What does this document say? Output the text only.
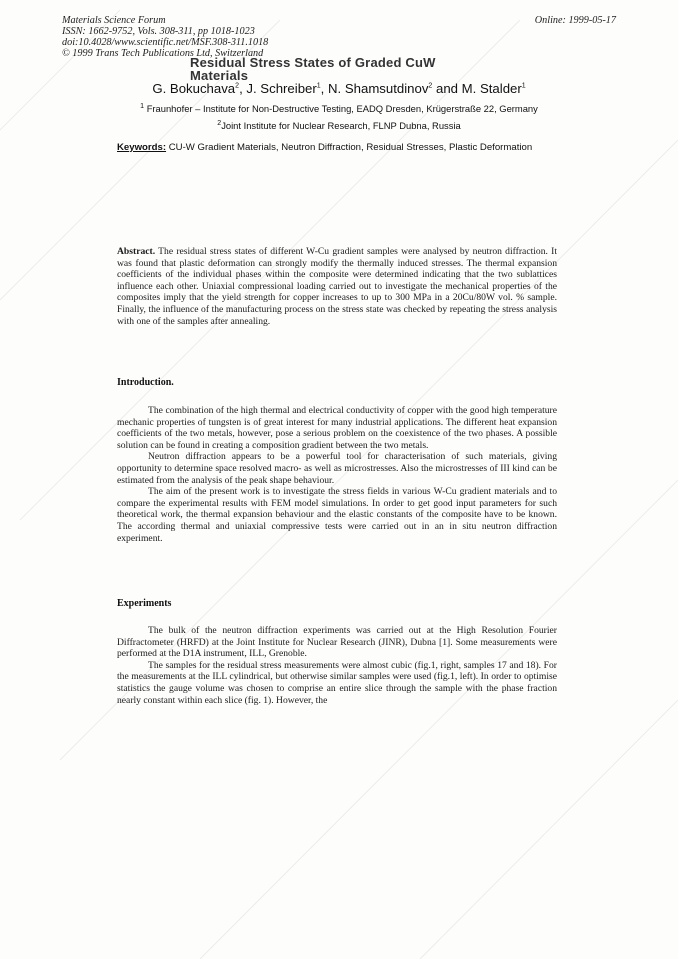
Materials Science Forum
ISSN: 1662-9752, Vols. 308-311, pp 1018-1023
doi:10.4028/www.scientific.net/MSF.308-311.1018
© 1999 Trans Tech Publications Ltd, Switzerland
Online: 1999-05-17
Residual Stress States of Graded CuW Materials
G. Bokuchava$^2$, J. Schreiber$^1$, N. Shamsutdinov$^2$ and M. Stalder$^1$
$^1$ Fraunhofer – Institute for Non-Destructive Testing, EADQ Dresden, Krügerstraße 22, Germany
$^2$Joint Institute for Nuclear Research, FLNP Dubna, Russia
Keywords: CU-W Gradient Materials, Neutron Diffraction, Residual Stresses, Plastic Deformation
Abstract. The residual stress states of different W-Cu gradient samples were analysed by neutron diffraction. It was found that plastic deformation can strongly modify the thermally induced stresses. The thermal expansion coefficients of the individual phases within the composite were determined indicating that the two sublattices influence each other. Uniaxial compressional loading carried out to investigate the mechanical properties of the composites imply that the yield strength for copper increases to up to 300 MPa in a 20Cu/80W vol. % sample. Finally, the influence of the manufacturing process on the stress state was checked by repeating the stress analysis with one of the samples after annealing.
Introduction.

The combination of the high thermal and electrical conductivity of copper with the good high temperature mechanic properties of tungsten is of great interest for many industrial applications. The different heat expansion coefficients of the two metals, however, pose a serious problem on the coexistence of the two phases. A possible solution can be found in creating a composition gradient between the two metals.

Neutron diffraction appears to be a powerful tool for characterisation of such materials, giving opportunity to determine space resolved macro- as well as microstresses. Also the microstresses of III kind can be estimated from the analysis of the peak shape behaviour.

The aim of the present work is to investigate the stress fields in various W-Cu gradient materials and to compare the experimental results with FEM model simulations. In order to get good input parameters for such theoretical work, the thermal expansion behaviour and the elastic constants of the composite have to be known. The according thermal and uniaxial compressive tests were carried out in an in situ neutron diffraction experiment.

Experiments

The bulk of the neutron diffraction experiments was carried out at the High Resolution Fourier Diffractometer (HRFD) at the Joint Institute for Nuclear Research (JINR), Dubna [1]. Some measurements were performed at the D1A instrument, ILL, Grenoble.

The samples for the residual stress measurements were almost cubic (fig.1, right, samples 17 and 18). For the measurements at the ILL cylindrical, but otherwise similar samples were used (fig.1, left). In order to optimise statistics the gauge volume was chosen to comprise an entire slice through the sample with the phase fraction nearly constant within each slice (fig. 1). However, the
